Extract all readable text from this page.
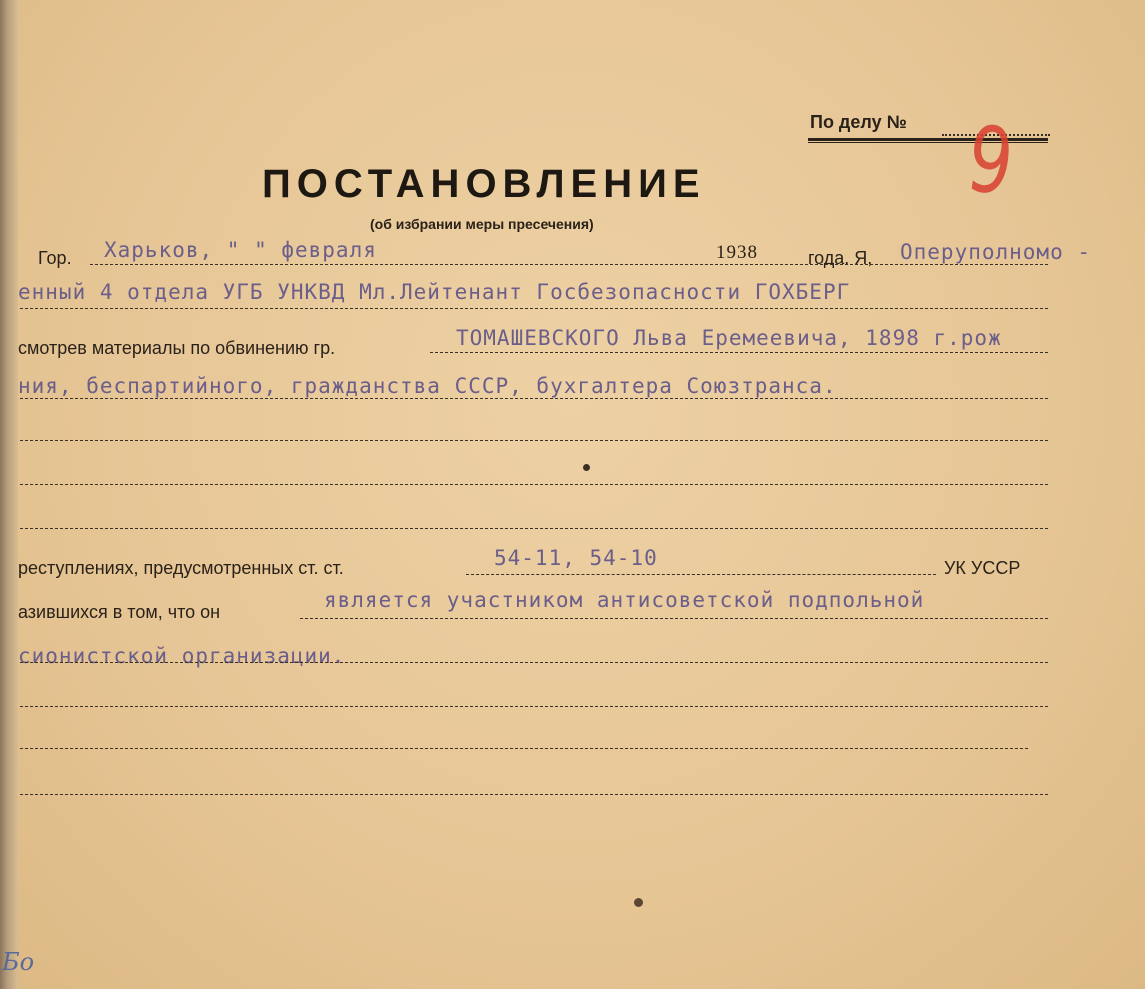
По делу № 9
ПОСТАНОВЛЕНИЕ
(об избрании меры пресечения)
Гор. Харьков, " " февраля	1938	года. Я, Оперуполномо -
енный 4 отдела УГБ УНКВД Мл.Лейтенант Госбезопасности ГОХБЕРГ
смотрев материалы по обвинению гр.	ТОМАШЕВСКОГО Льва Еремеевича, 1898 г.рож
ния, беспартийного, гражданства СССР, бухгалтера Союзтранса.
реступлениях, предусмотренных ст. ст.	54-11, 54-10	УК УССР
азившихся в том, что он	является участником антисоветской подпольной
сионистской организации.
Бо
